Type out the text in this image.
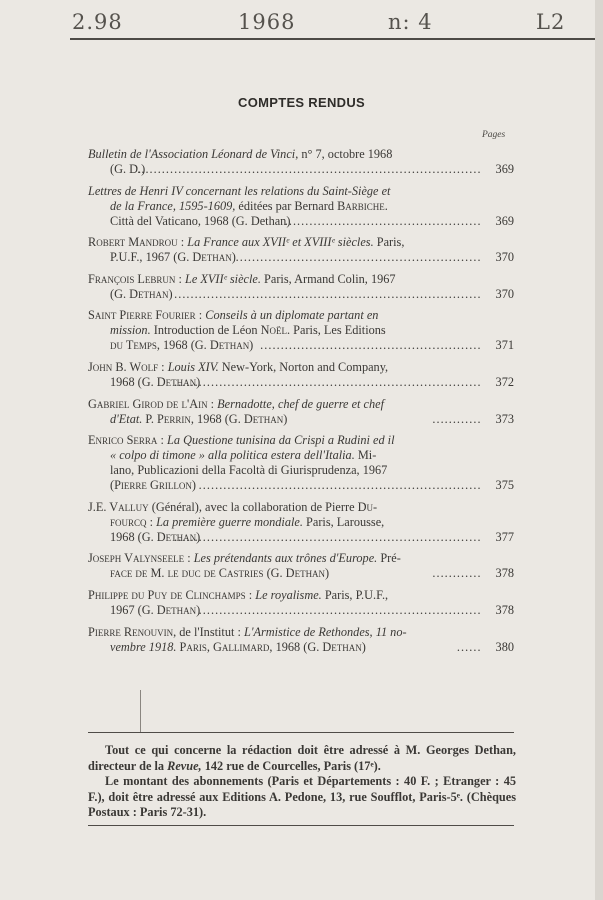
2.98	1968	n: 4	L2
COMPTES RENDUS
Pages
Bulletin de l'Association Léonard de Vinci, n° 7, octobre 1968
(G. D.)
………………………………………………………………………… 369
Lettres de Henri IV concernant les relations du Saint-Siège et
de la France, 1595-1609, éditées par Bernard Barbiche.
Città del Vaticano, 1968 (G. Dethan)
………………………………………… 369
Robert Mandrou : La France aux XVIIᵉ et XVIIIᵉ siècles. Paris,
P.U.F., 1967 (G. Dethan) …………………………………………………… 370
François Lebrun : Le XVIIᵉ siècle. Paris, Armand Colin, 1967
(G. Dethan) ………………………………………………………………… 370
Saint Pierre Fourier : Conseils à un diplomate partant en
mission. Introduction de Léon Noël. Paris, Les Editions
du Temps, 1968 (G. Dethan) ……………………………………………… 371
John B. Wolf : Louis XIV. New-York, Norton and Company,
1968 (G. Dethan)
………………………………………………………………… 372
Gabriel Girod de l'Ain : Bernadotte, chef de guerre et chef
d'Etat. P. Perrin, 1968 (G. Dethan)	………… 373
Enrico Serra : La Questione tunisina da Crispi a Rudini ed il
« colpo di timone » alla politica estera dell'Italia. Mi-
lano, Publicazioni della Facoltà di Giurisprudenza, 1967
(Pierre Grillon) …………………………………………………………… 375
J.E. Valluy (Général), avec la collaboration de Pierre Du-
fourcq : La première guerre mondiale. Paris, Larousse,
1968 (G. Dethan)
………………………………………………………………… 377
Joseph Valynseele : Les prétendants aux trônes d'Europe. Pré-
face de M. le duc de Castries (G. Dethan)	………… 378
Philippe du Puy de Clinchamps : Le royalisme. Paris, P.U.F.,
1967 (G. Dethan)
…………………………………………………………… 378
Pierre Renouvin, de l'Institut : L'Armistice de Rethondes, 11 no-
vembre 1918. Paris, Gallimard, 1968 (G. Dethan)	…… 380

Tout ce qui concerne la rédaction doit être adressé à M. Georges Dethan, directeur de la Revue, 142 rue de Courcelles, Paris (17ᵉ).

Le montant des abonnements (Paris et Départements : 40 F. ; Etranger : 45 F.), doit être adressé aux Editions A. Pedone, 13, rue Soufflot, Paris-5ᵉ. (Chèques Postaux : Paris 72-31).
